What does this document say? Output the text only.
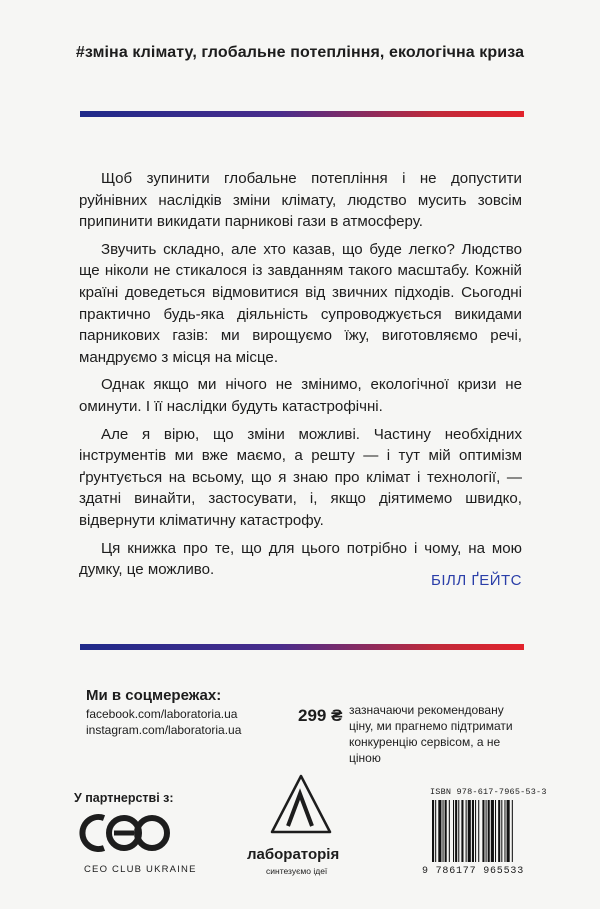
#зміна клімату, глобальне потепління, екологічна криза

Щоб зупинити глобальне потепління і не допустити руйнівних наслідків зміни клімату, людство мусить зовсім припинити викидати парникові гази в атмосферу.

Звучить складно, але хто казав, що буде легко? Людство ще ніколи не стикалося із завданням такого масштабу. Кожній країні доведеться відмовитися від звичних підходів. Сьогодні практично будь-яка діяльність супроводжується викидами парникових газів: ми вирощуємо їжу, виготовляємо речі, мандруємо з місця на місце.

Однак якщо ми нічого не змінимо, екологічної кризи не оминути. І її наслідки будуть катастрофічні.

Але я вірю, що зміни можливі. Частину необхідних інструментів ми вже маємо, а решту — і тут мій оптимізм ґрунтується на всьому, що я знаю про клімат і технології, — здатні винайти, застосувати, і, якщо діятимемо швидко, відвернути кліматичну катастрофу.

Ця книжка про те, що для цього потрібно і чому, на мою думку, це можливо.

БІЛЛ ҐЕЙТС
Ми в соцмережах:
facebook.com/laboratoria.ua
instagram.com/laboratoria.ua
299 ₴ зазначаючи рекомендовану ціну, ми прагнемо підтримати конкуренцію сервісом, а не ціною
У партнерстві з:
CEO CLUB UKRAINE
лабораторія
синтезуємо ідеї
ISBN 978-617-7965-53-3
9 786177 965533
